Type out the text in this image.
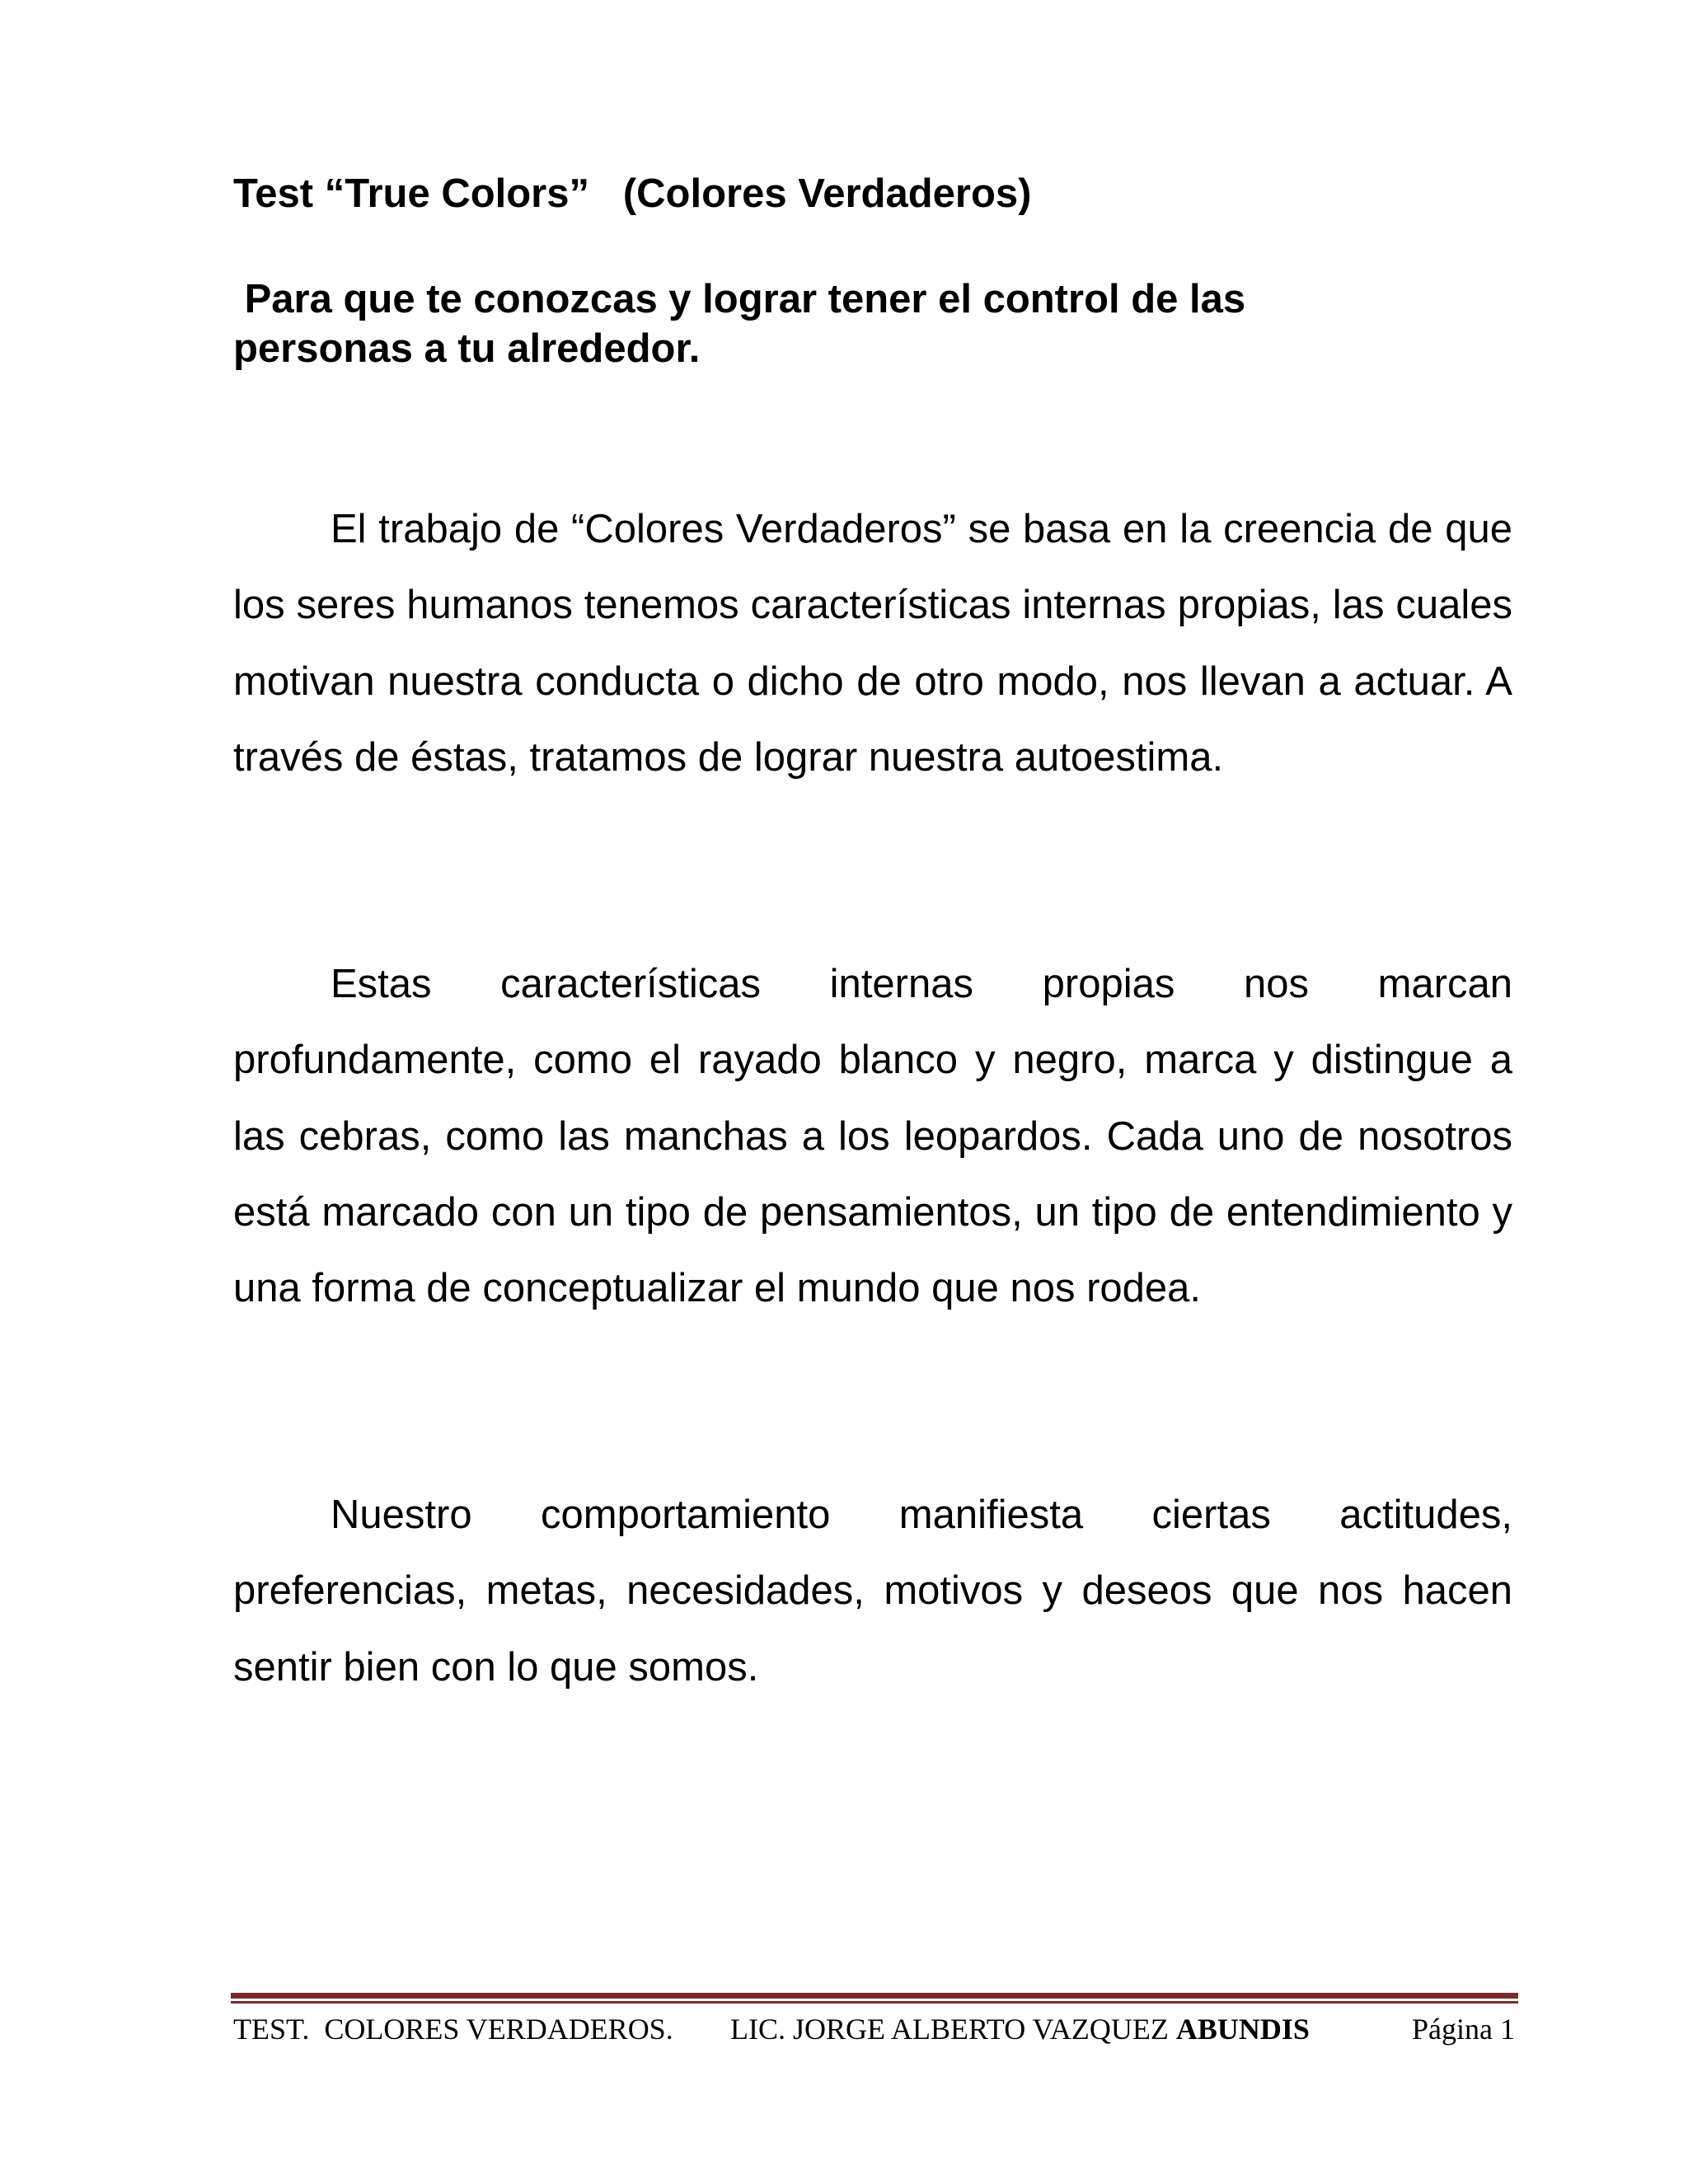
Test “True Colors”   (Colores Verdaderos)
Para que te conozcas y lograr tener el control de las
personas a tu alrededor.

El trabajo de “Colores Verdaderos” se basa en la creencia de que los seres humanos tenemos características internas propias, las cuales motivan nuestra conducta o dicho de otro modo, nos llevan a actuar. A través de éstas, tratamos de lograr nuestra autoestima.

Estas características internas propias nos marcan profundamente, como el rayado blanco y negro, marca y distingue a las cebras, como las manchas a los leopardos. Cada uno de nosotros está marcado con un tipo de pensamientos, un tipo de entendimiento y una forma de conceptualizar el mundo que nos rodea.

Nuestro comportamiento manifiesta ciertas actitudes, preferencias, metas, necesidades, motivos y deseos que nos hacen sentir bien con lo que somos.

TEST.  COLORES VERDADEROS. LIC. JORGE ALBERTO VAZQUEZ ABUNDIS	Página 1
